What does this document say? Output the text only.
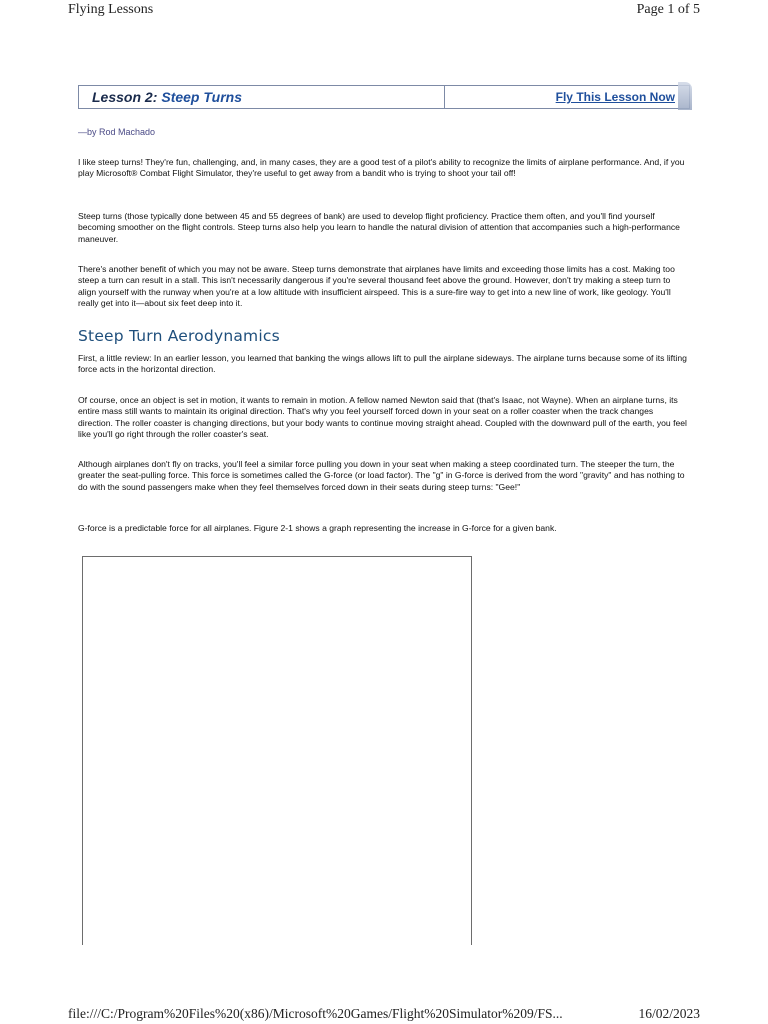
Flying Lessons	Page 1 of 5
Lesson 2: Steep Turns	Fly This Lesson Now
—by Rod Machado

I like steep turns! They're fun, challenging, and, in many cases, they are a good test of a pilot's ability to recognize the limits of airplane performance. And, if you play Microsoft® Combat Flight Simulator, they're useful to get away from a bandit who is trying to shoot your tail off!

Steep turns (those typically done between 45 and 55 degrees of bank) are used to develop flight proficiency. Practice them often, and you'll find yourself becoming smoother on the flight controls. Steep turns also help you learn to handle the natural division of attention that accompanies such a high-performance maneuver.

There's another benefit of which you may not be aware. Steep turns demonstrate that airplanes have limits and exceeding those limits has a cost. Making too steep a turn can result in a stall. This isn't necessarily dangerous if you're several thousand feet above the ground. However, don't try making a steep turn to align yourself with the runway when you're at a low altitude with insufficient airspeed. This is a sure-fire way to get into a new line of work, like geology. You'll really get into it—about six feet deep into it.

Steep Turn Aerodynamics

First, a little review: In an earlier lesson, you learned that banking the wings allows lift to pull the airplane sideways. The airplane turns because some of its lifting force acts in the horizontal direction.

Of course, once an object is set in motion, it wants to remain in motion. A fellow named Newton said that (that's Isaac, not Wayne). When an airplane turns, its entire mass still wants to maintain its original direction. That's why you feel yourself forced down in your seat on a roller coaster when the track changes direction. The roller coaster is changing directions, but your body wants to continue moving straight ahead. Coupled with the downward pull of the earth, you feel like you'll go right through the roller coaster's seat.

Although airplanes don't fly on tracks, you'll feel a similar force pulling you down in your seat when making a steep coordinated turn. The steeper the turn, the greater the seat-pulling force. This force is sometimes called the G-force (or load factor). The "g" in G-force is derived from the word "gravity" and has nothing to do with the sound passengers make when they feel themselves forced down in their seats during steep turns: "Gee!"

G-force is a predictable force for all airplanes. Figure 2-1 shows a graph representing the increase in G-force for a given bank.

file:///C:/Program%20Files%20(x86)/Microsoft%20Games/Flight%20Simulator%209/FS...	16/02/2023
